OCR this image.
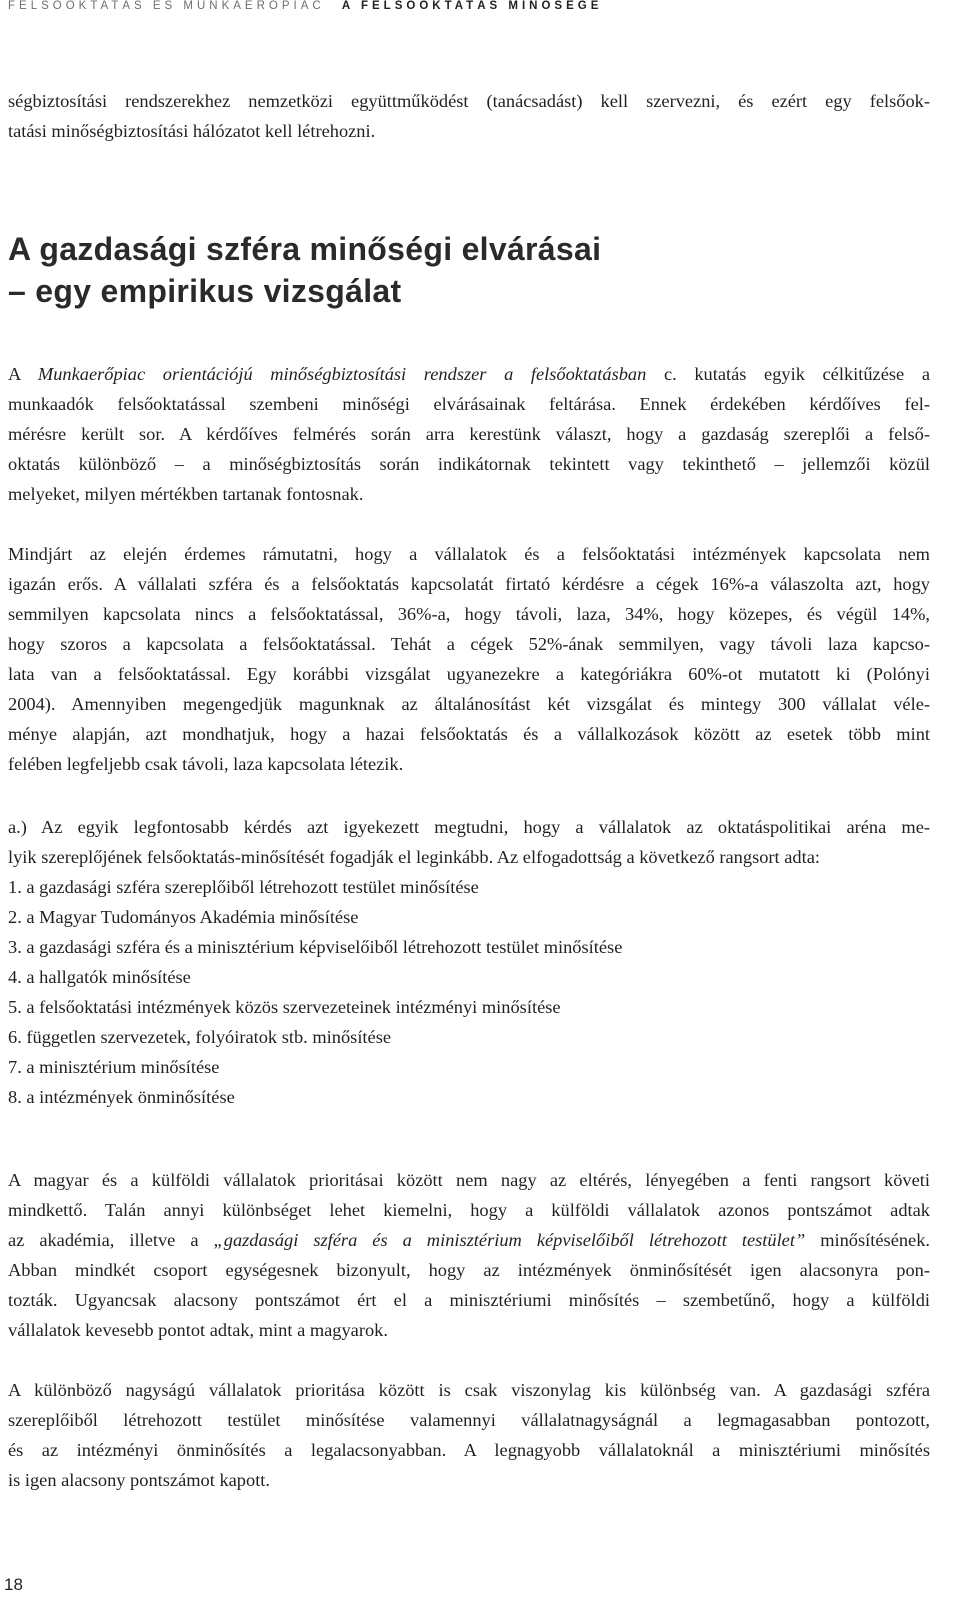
FELSŐOKTATÁS ÉS MUNKAERŐPIAC A FELSŐOKTATÁS MINŐSÉGE
ségbiztosítási rendszerekhez nemzetközi együttműködést (tanácsadást) kell szervezni, és ezért egy felsőok-
tatási minőségbiztosítási hálózatot kell létrehozni.
A gazdasági szféra minőségi elvárásai
– egy empirikus vizsgálat
A Munkaerőpiac orientációjú minőségbiztosítási rendszer a felsőoktatásban c. kutatás egyik célkitűzése a
munkaadók felsőoktatással szembeni minőségi elvárásainak feltárása. Ennek érdekében kérdőíves fel-
mérésre került sor. A kérdőíves felmérés során arra kerestünk választ, hogy a gazdaság szereplői a felső-
oktatás különböző – a minőségbiztosítás során indikátornak tekintett vagy tekinthető – jellemzői közül
melyeket, milyen mértékben tartanak fontosnak.
Mindjárt az elején érdemes rámutatni, hogy a vállalatok és a felsőoktatási intézmények kapcsolata nem
igazán erős. A vállalati szféra és a felsőoktatás kapcsolatát firtató kérdésre a cégek 16%-a válaszolta azt, hogy
semmilyen kapcsolata nincs a felsőoktatással, 36%-a, hogy távoli, laza, 34%, hogy közepes, és végül 14%,
hogy szoros a kapcsolata a felsőoktatással. Tehát a cégek 52%-ának semmilyen, vagy távoli laza kapcso-
lata van a felsőoktatással. Egy korábbi vizsgálat ugyanezekre a kategóriákra 60%-ot mutatott ki (Polónyi
2004). Amennyiben megengedjük magunknak az általánosítást két vizsgálat és mintegy 300 vállalat véle-
ménye alapján, azt mondhatjuk, hogy a hazai felsőoktatás és a vállalkozások között az esetek több mint
felében legfeljebb csak távoli, laza kapcsolata létezik.
a.) Az egyik legfontosabb kérdés azt igyekezett megtudni, hogy a vállalatok az oktatáspolitikai aréna me-
lyik szereplőjének felsőoktatás-minősítését fogadják el leginkább. Az elfogadottság a következő rangsort adta:
1. a gazdasági szféra szereplőiből létrehozott testület minősítése
2. a Magyar Tudományos Akadémia minősítése
3. a gazdasági szféra és a minisztérium képviselőiből létrehozott testület minősítése
4. a hallgatók minősítése
5. a felsőoktatási intézmények közös szervezeteinek intézményi minősítése
6. független szervezetek, folyóiratok stb. minősítése
7. a minisztérium minősítése
8. a intézmények önminősítése
A magyar és a külföldi vállalatok prioritásai között nem nagy az eltérés, lényegében a fenti rangsort követi
mindkettő. Talán annyi különbséget lehet kiemelni, hogy a külföldi vállalatok azonos pontszámot adtak
az akadémia, illetve a „gazdasági szféra és a minisztérium képviselőiből létrehozott testület” minősítésének.
Abban mindkét csoport egységesnek bizonyult, hogy az intézmények önminősítését igen alacsonyra pon-
tozták. Ugyancsak alacsony pontszámot ért el a minisztériumi minősítés – szembetűnő, hogy a külföldi
vállalatok kevesebb pontot adtak, mint a magyarok.
A különböző nagyságú vállalatok prioritása között is csak viszonylag kis különbség van. A gazdasági szféra
szereplőiből létrehozott testület minősítése valamennyi vállalatnagyságnál a legmagasabban pontozott,
és az intézményi önminősítés a legalacsonyabban. A legnagyobb vállalatoknál a minisztériumi minősítés
is igen alacsony pontszámot kapott.
18
